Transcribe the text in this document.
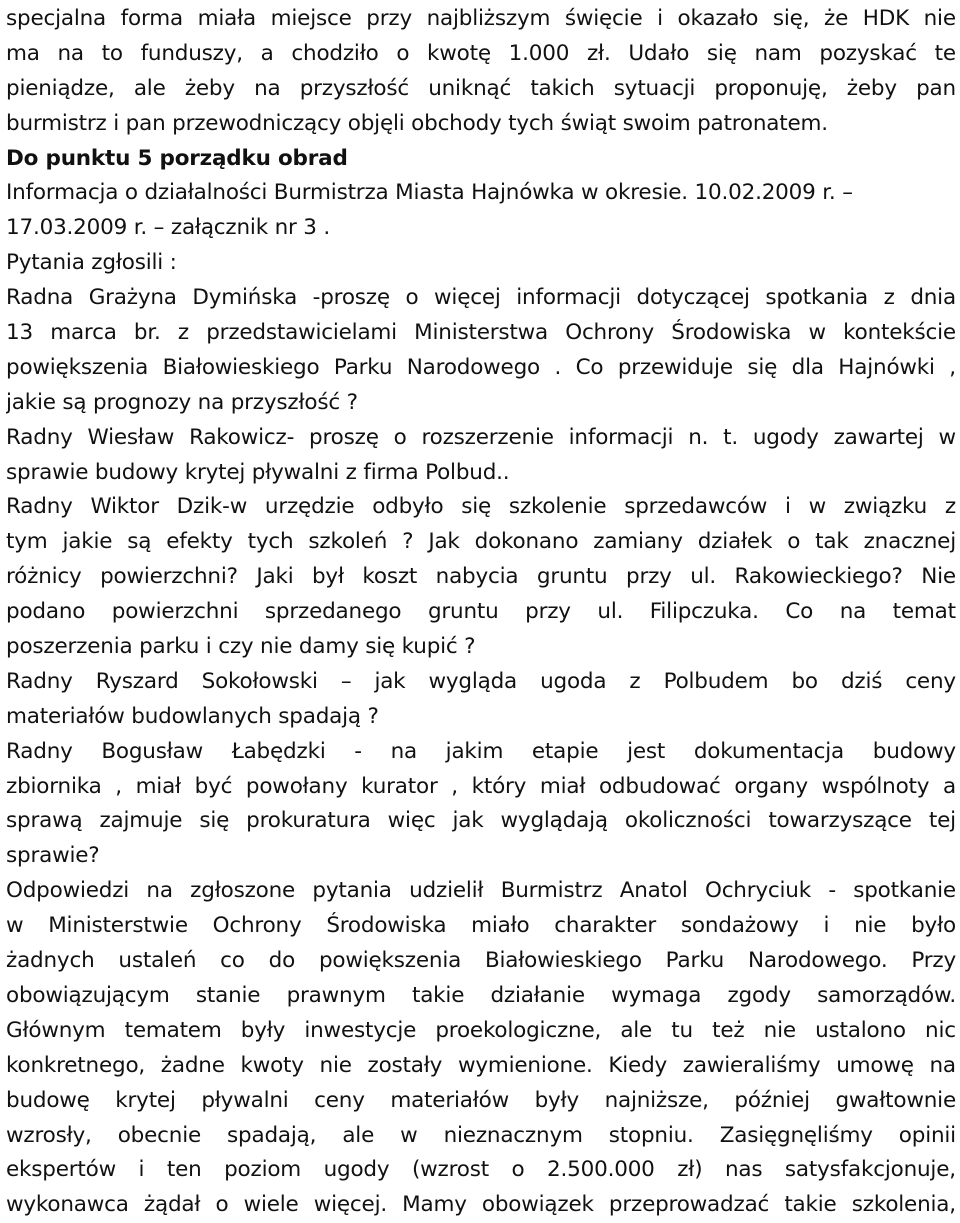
specjalna forma miała miejsce przy najbliższym święcie i okazało się, że HDK nie
ma na to funduszy, a chodziło o kwotę 1.000 zł. Udało się nam pozyskać te
pieniądze, ale żeby na przyszłość uniknąć takich sytuacji proponuję, żeby pan
burmistrz i pan przewodniczący objęli obchody tych świąt swoim patronatem.
Do punktu 5 porządku obrad
Informacja o działalności Burmistrza Miasta Hajnówka w okresie. 10.02.2009 r. –
17.03.2009 r. – załącznik nr 3 .
Pytania zgłosili :
Radna Grażyna Dymińska -proszę o więcej informacji dotyczącej spotkania z dnia
13 marca br. z przedstawicielami Ministerstwa Ochrony Środowiska w kontekście
powiększenia Białowieskiego Parku Narodowego . Co przewiduje się dla Hajnówki ,
jakie są prognozy na przyszłość ?
Radny Wiesław Rakowicz- proszę o rozszerzenie informacji n. t. ugody zawartej w
sprawie budowy krytej pływalni z firma Polbud..
Radny Wiktor Dzik-w urzędzie odbyło się szkolenie sprzedawców i w związku z
tym jakie są efekty tych szkoleń ? Jak dokonano zamiany działek o tak znacznej
różnicy powierzchni? Jaki był koszt nabycia gruntu przy ul. Rakowieckiego? Nie
podano powierzchni sprzedanego gruntu przy ul. Filipczuka. Co na temat
poszerzenia parku i czy nie damy się kupić ?
Radny Ryszard Sokołowski – jak wygląda ugoda z Polbudem bo dziś ceny
materiałów budowlanych spadają ?
Radny Bogusław Łabędzki - na jakim etapie jest dokumentacja budowy
zbiornika , miał być powołany kurator , który miał odbudować organy wspólnoty a
sprawą zajmuje się prokuratura więc jak wyglądają okoliczności towarzyszące tej
sprawie?
Odpowiedzi na zgłoszone pytania udzielił Burmistrz Anatol Ochryciuk - spotkanie
w Ministerstwie Ochrony Środowiska miało charakter sondażowy i nie było
żadnych ustaleń co do powiększenia Białowieskiego Parku Narodowego. Przy
obowiązującym stanie prawnym takie działanie wymaga zgody samorządów.
Głównym tematem były inwestycje proekologiczne, ale tu też nie ustalono nic
konkretnego, żadne kwoty nie zostały wymienione. Kiedy zawieraliśmy umowę na
budowę krytej pływalni ceny materiałów były najniższe, później gwałtownie
wzrosły, obecnie spadają, ale w nieznacznym stopniu. Zasięgnęliśmy opinii
ekspertów i ten poziom ugody (wzrost o 2.500.000 zł) nas satysfakcjonuje,
wykonawca żądał o wiele więcej. Mamy obowiązek przeprowadzać takie szkolenia,
